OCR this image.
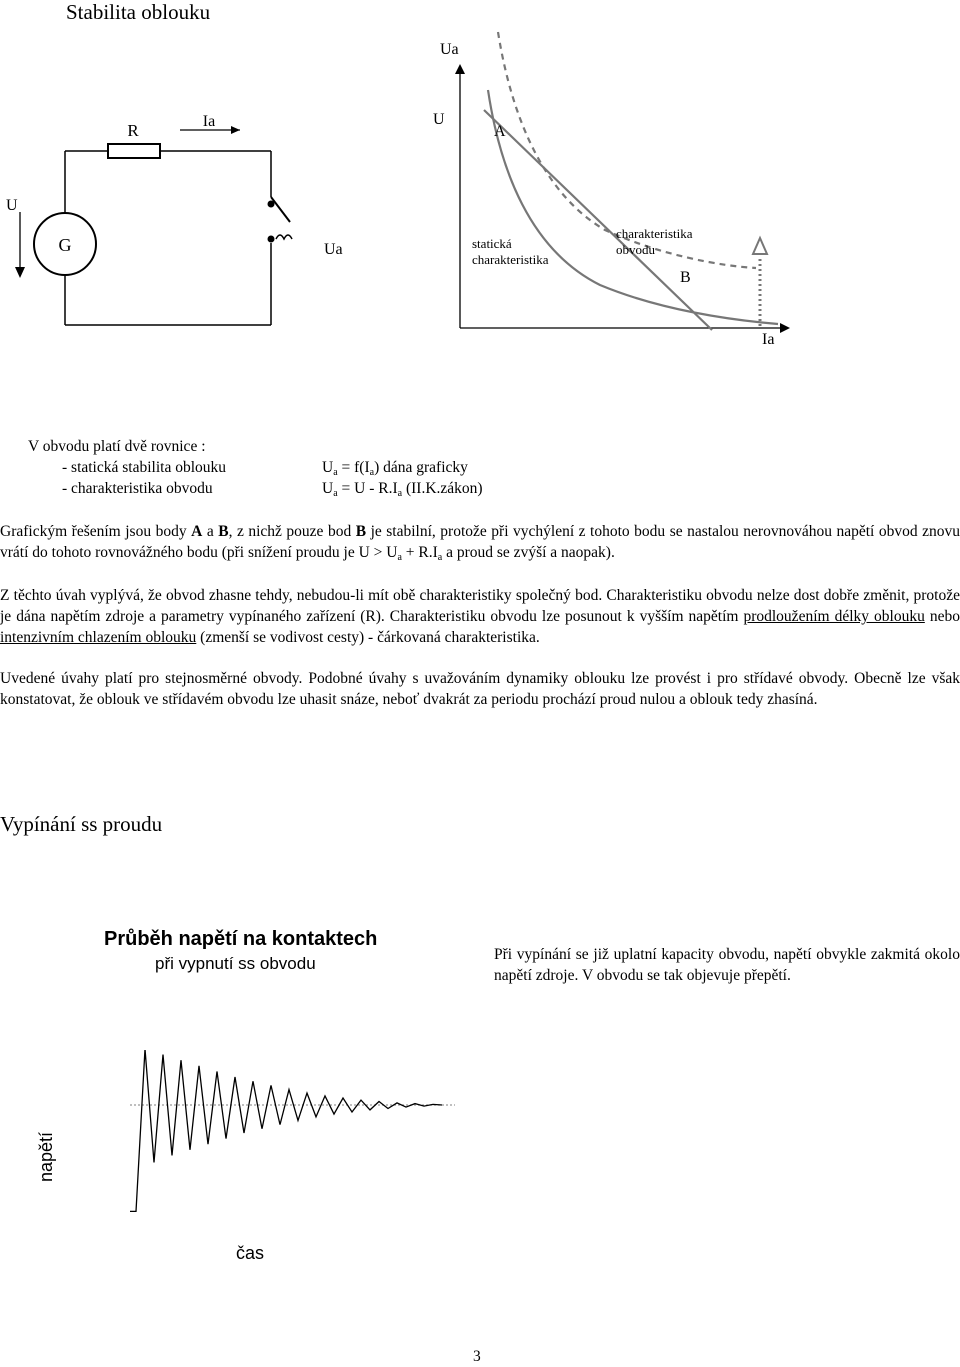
Stabilita oblouku
R	Ia
G
U
Ua
Ua
U
A
B
statická
charakteristika
charakteristika
obvodu
Ia
V obvodu platí dvě rovnice :
- statická stabilita oblouku	$U_a = f(I_a)$ dána graficky
- charakteristika obvodu	$U_a = U - R.I_a$ (II.K.zákon)
Grafickým řešením jsou body A a B, z nichž pouze bod B je stabilní, protože při vychýlení z tohoto bodu se nastalou nerovnováhou napětí obvod znovu vrátí do tohoto rovnovážného bodu (při snížení proudu je $U > U_a + R.I_a$ a proud se zvýší a naopak).
Z těchto úvah vyplývá, že obvod zhasne tehdy, nebudou-li mít obě charakteristiky společný bod. Charakteristiku obvodu nelze dost dobře změnit, protože je dána napětím zdroje a parametry vypínaného zařízení (R). Charakteristiku obvodu lze posunout k vyšším napětím prodloužením délky oblouku nebo intenzivním chlazením oblouku (zmenší se vodivost cesty) - čárkovaná charakteristika.
Uvedené úvahy platí pro stejnosměrné obvody. Podobné úvahy s uvažováním dynamiky oblouku lze provést i pro střídavé obvody. Obecně lze však konstatovat, že oblouk ve střídavém obvodu lze uhasit snáze, neboť dvakrát za periodu prochází proud nulou a oblouk tedy zhasíná.
Vypínání ss proudu
Průběh napětí na kontaktech
při vypnutí ss obvodu	Při vypínání se již uplatní kapacity obvodu, napětí obvykle zakmitá okolo napětí zdroje. V obvodu se tak objevuje přepětí.
napětí
čas
3
